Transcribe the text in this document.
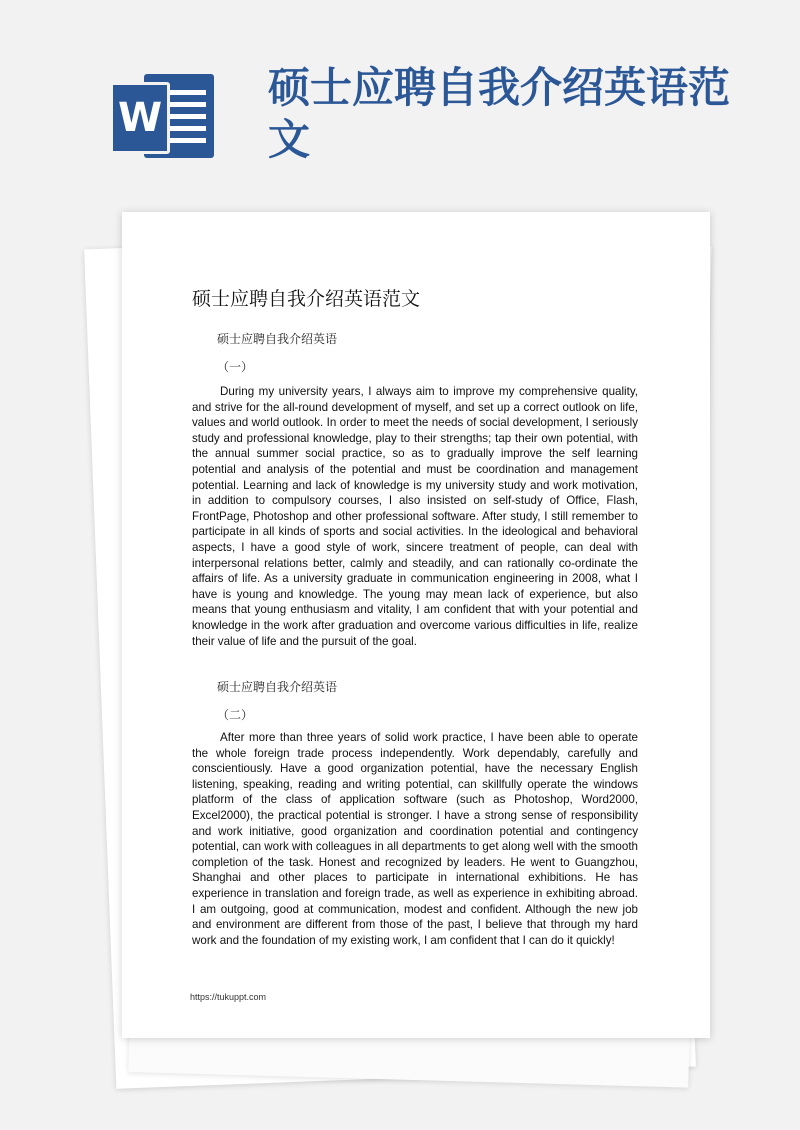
W
硕士应聘自我介绍英语范文
硕士应聘自我介绍英语范文
硕士应聘自我介绍英语
（一）

During my university years, I always aim to improve my comprehensive quality, and strive for the all-round development of myself, and set up a correct outlook on life, values and world outlook. In order to meet the needs of social development, I seriously study and professional knowledge, play to their strengths; tap their own potential, with the annual summer social practice, so as to gradually improve the self learning potential and analysis of the potential and must be coordination and management potential. Learning and lack of knowledge is my university study and work motivation, in addition to compulsory courses, I also insisted on self-study of Office, Flash, FrontPage, Photoshop and other professional software. After study, I still remember to participate in all kinds of sports and social activities. In the ideological and behavioral aspects, I have a good style of work, sincere treatment of people, can deal with interpersonal relations better, calmly and steadily, and can rationally co-ordinate the affairs of life. As a university graduate in communication engineering in 2008, what I have is young and knowledge. The young may mean lack of experience, but also means that young enthusiasm and vitality, I am confident that with your potential and knowledge in the work after graduation and overcome various difficulties in life, realize their value of life and the pursuit of the goal.

硕士应聘自我介绍英语
（二）

After more than three years of solid work practice, I have been able to operate the whole foreign trade process independently. Work dependably, carefully and conscientiously. Have a good organization potential, have the necessary English listening, speaking, reading and writing potential, can skillfully operate the windows platform of the class of application software (such as Photoshop, Word2000, Excel2000), the practical potential is stronger. I have a strong sense of responsibility and work initiative, good organization and coordination potential and contingency potential, can work with colleagues in all departments to get along well with the smooth completion of the task. Honest and recognized by leaders. He went to Guangzhou, Shanghai and other places to participate in international exhibitions. He has experience in translation and foreign trade, as well as experience in exhibiting abroad. I am outgoing, good at communication, modest and confident. Although the new job and environment are different from those of the past, I believe that through my hard work and the foundation of my existing work, I am confident that I can do it quickly!

https://tukuppt.com
